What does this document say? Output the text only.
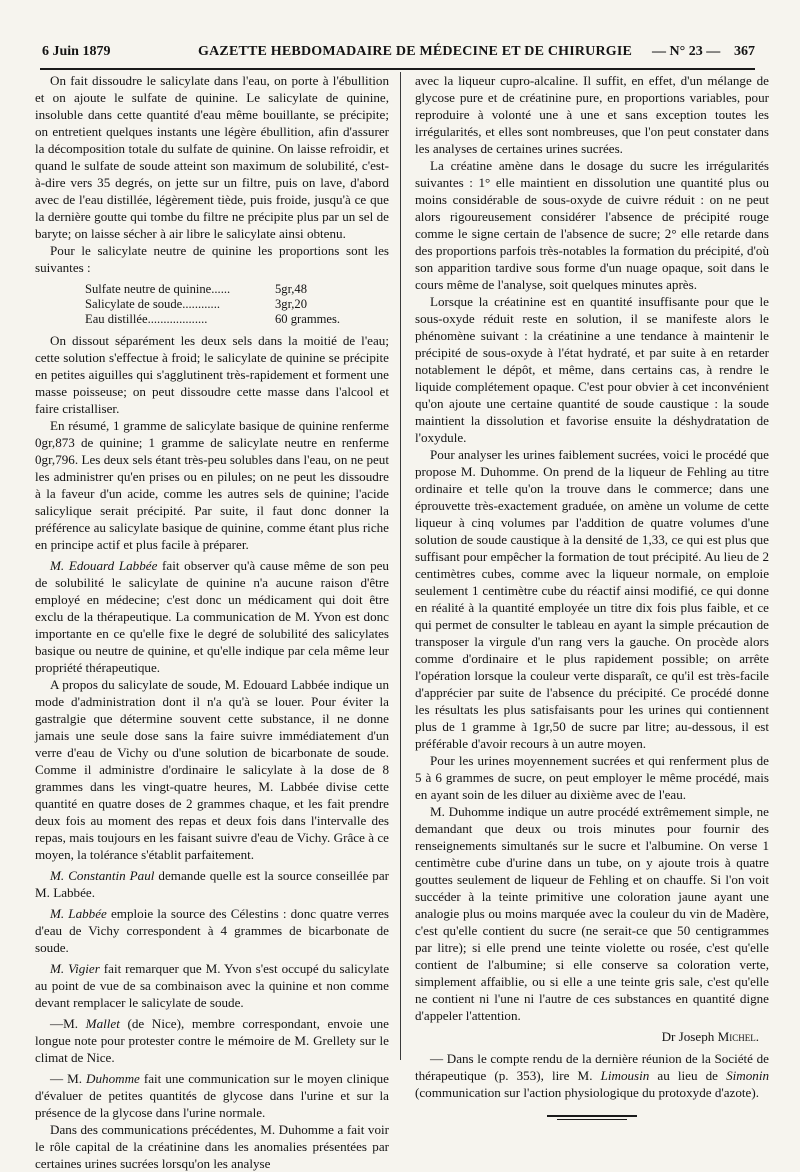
6 Juin 1879	GAZETTE HEBDOMADAIRE DE MÉDECINE ET DE CHIRURGIE — N° 23 — 367

On fait dissoudre le salicylate dans l'eau, on porte à l'ébullition et on ajoute le sulfate de quinine. Le salicylate de quinine, insoluble dans cette quantité d'eau même bouillante, se précipite; on entretient quelques instants une légère ébullition, afin d'assurer la décomposition totale du sulfate de quinine. On laisse refroidir, et quand le sulfate de soude atteint son maximum de solubilité, c'est-à-dire vers 35 degrés, on jette sur un filtre, puis on lave, d'abord avec de l'eau distillée, légèrement tiède, puis froide, jusqu'à ce que la dernière goutte qui tombe du filtre ne précipite plus par un sel de baryte; on laisse sécher à air libre le salicylate ainsi obtenu.

Pour le salicylate neutre de quinine les proportions sont les suivantes :

Sulfate neutre de quinine......	5gr,48
Salicylate de soude............	3gr,20
Eau distillée...................	60 grammes.

On dissout séparément les deux sels dans la moitié de l'eau; cette solution s'effectue à froid; le salicylate de quinine se précipite en petites aiguilles qui s'agglutinent très-rapidement et forment une masse poisseuse; on peut dissoudre cette masse dans l'alcool et faire cristalliser.

En résumé, 1 gramme de salicylate basique de quinine renferme 0gr,873 de quinine; 1 gramme de salicylate neutre en renferme 0gr,796. Les deux sels étant très-peu solubles dans l'eau, on ne peut les administrer qu'en prises ou en pilules; on ne peut les dissoudre à la faveur d'un acide, comme les autres sels de quinine; l'acide salicylique serait précipité. Par suite, il faut donc donner la préférence au salicylate basique de quinine, comme étant plus riche en principe actif et plus facile à préparer.

M. Edouard Labbée fait observer qu'à cause même de son peu de solubilité le salicylate de quinine n'a aucune raison d'être employé en médecine; c'est donc un médicament qui doit être exclu de la thérapeutique. La communication de M. Yvon est donc importante en ce qu'elle fixe le degré de solubilité des salicylates basique ou neutre de quinine, et qu'elle indique par cela même leur propriété thérapeutique.

A propos du salicylate de soude, M. Edouard Labbée indique un mode d'administration dont il n'a qu'à se louer. Pour éviter la gastralgie que détermine souvent cette substance, il ne donne jamais une seule dose sans la faire suivre immédiatement d'un verre d'eau de Vichy ou d'une solution de bicarbonate de soude. Comme il administre d'ordinaire le salicylate à la dose de 8 grammes dans les vingt-quatre heures, M. Labbée divise cette quantité en quatre doses de 2 grammes chaque, et les fait prendre deux fois au moment des repas et deux fois dans l'intervalle des repas, mais toujours en les faisant suivre d'eau de Vichy. Grâce à ce moyen, la tolérance s'établit parfaitement.

M. Constantin Paul demande quelle est la source conseillée par M. Labbée.

M. Labbée emploie la source des Célestins : donc quatre verres d'eau de Vichy correspondent à 4 grammes de bicarbonate de soude.

M. Vigier fait remarquer que M. Yvon s'est occupé du salicylate au point de vue de sa combinaison avec la quinine et non comme devant remplacer le salicylate de soude.

—M. Mallet (de Nice), membre correspondant, envoie une longue note pour protester contre le mémoire de M. Grellety sur le climat de Nice.

— M. Duhomme fait une communication sur le moyen clinique d'évaluer de petites quantités de glycose dans l'urine et sur la présence de la glycose dans l'urine normale.

Dans des communications précédentes, M. Duhomme a fait voir le rôle capital de la créatinine dans les anomalies présentées par certaines urines sucrées lorsqu'on les analyse

avec la liqueur cupro-alcaline. Il suffit, en effet, d'un mélange de glycose pure et de créatinine pure, en proportions variables, pour reproduire à volonté une à une et sans exception toutes les irrégularités, et elles sont nombreuses, que l'on peut constater dans les analyses de certaines urines sucrées.

La créatine amène dans le dosage du sucre les irrégularités suivantes : 1° elle maintient en dissolution une quantité plus ou moins considérable de sous-oxyde de cuivre réduit : on ne peut alors rigoureusement considérer l'absence de précipité rouge comme le signe certain de l'absence de sucre; 2° elle retarde dans des proportions parfois très-notables la formation du précipité, d'où son apparition tardive sous forme d'un nuage opaque, soit dans le cours même de l'analyse, soit quelques minutes après.

Lorsque la créatinine est en quantité insuffisante pour que le sous-oxyde réduit reste en solution, il se manifeste alors le phénomène suivant : la créatinine a une tendance à maintenir le précipité de sous-oxyde à l'état hydraté, et par suite à en retarder notablement le dépôt, et même, dans certains cas, à rendre le liquide complétement opaque. C'est pour obvier à cet inconvénient qu'on ajoute une certaine quantité de soude caustique : la soude maintient la dissolution et favorise ensuite la déshydratation de l'oxydule.

Pour analyser les urines faiblement sucrées, voici le procédé que propose M. Duhomme. On prend de la liqueur de Fehling au titre ordinaire et telle qu'on la trouve dans le commerce; dans une éprouvette très-exactement graduée, on amène un volume de cette liqueur à cinq volumes par l'addition de quatre volumes d'une solution de soude caustique à la densité de 1,33, ce qui est plus que suffisant pour empêcher la formation de tout précipité. Au lieu de 2 centimètres cubes, comme avec la liqueur normale, on emploie seulement 1 centimètre cube du réactif ainsi modifié, ce qui donne en réalité à la quantité employée un titre dix fois plus faible, et ce qui permet de consulter le tableau en ayant la simple précaution de transposer la virgule d'un rang vers la gauche. On procède alors comme d'ordinaire et le plus rapidement possible; on arrête l'opération lorsque la couleur verte disparaît, ce qu'il est très-facile d'apprécier par suite de l'absence du précipité. Ce procédé donne les résultats les plus satisfaisants pour les urines qui contiennent plus de 1 gramme à 1gr,50 de sucre par litre; au-dessous, il est préférable d'avoir recours à un autre moyen.

Pour les urines moyennement sucrées et qui renferment plus de 5 à 6 grammes de sucre, on peut employer le même procédé, mais en ayant soin de les diluer au dixième avec de l'eau.

M. Duhomme indique un autre procédé extrêmement simple, ne demandant que deux ou trois minutes pour fournir des renseignements simultanés sur le sucre et l'albumine. On verse 1 centimètre cube d'urine dans un tube, on y ajoute trois à quatre gouttes seulement de liqueur de Fehling et on chauffe. Si l'on voit succéder à la teinte primitive une coloration jaune ayant une analogie plus ou moins marquée avec la couleur du vin de Madère, c'est qu'elle contient du sucre (ne serait-ce que 50 centigrammes par litre); si elle prend une teinte violette ou rosée, c'est qu'elle contient de l'albumine; si elle conserve sa coloration verte, simplement affaiblie, ou si elle a une teinte gris sale, c'est qu'elle ne contient ni l'une ni l'autre de ces substances en quantité digne d'appeler l'attention.

Dr Joseph Michel.

— Dans le compte rendu de la dernière réunion de la Société de thérapeutique (p. 353), lire M. Limousin au lieu de Simonin (communication sur l'action physiologique du protoxyde d'azote).
